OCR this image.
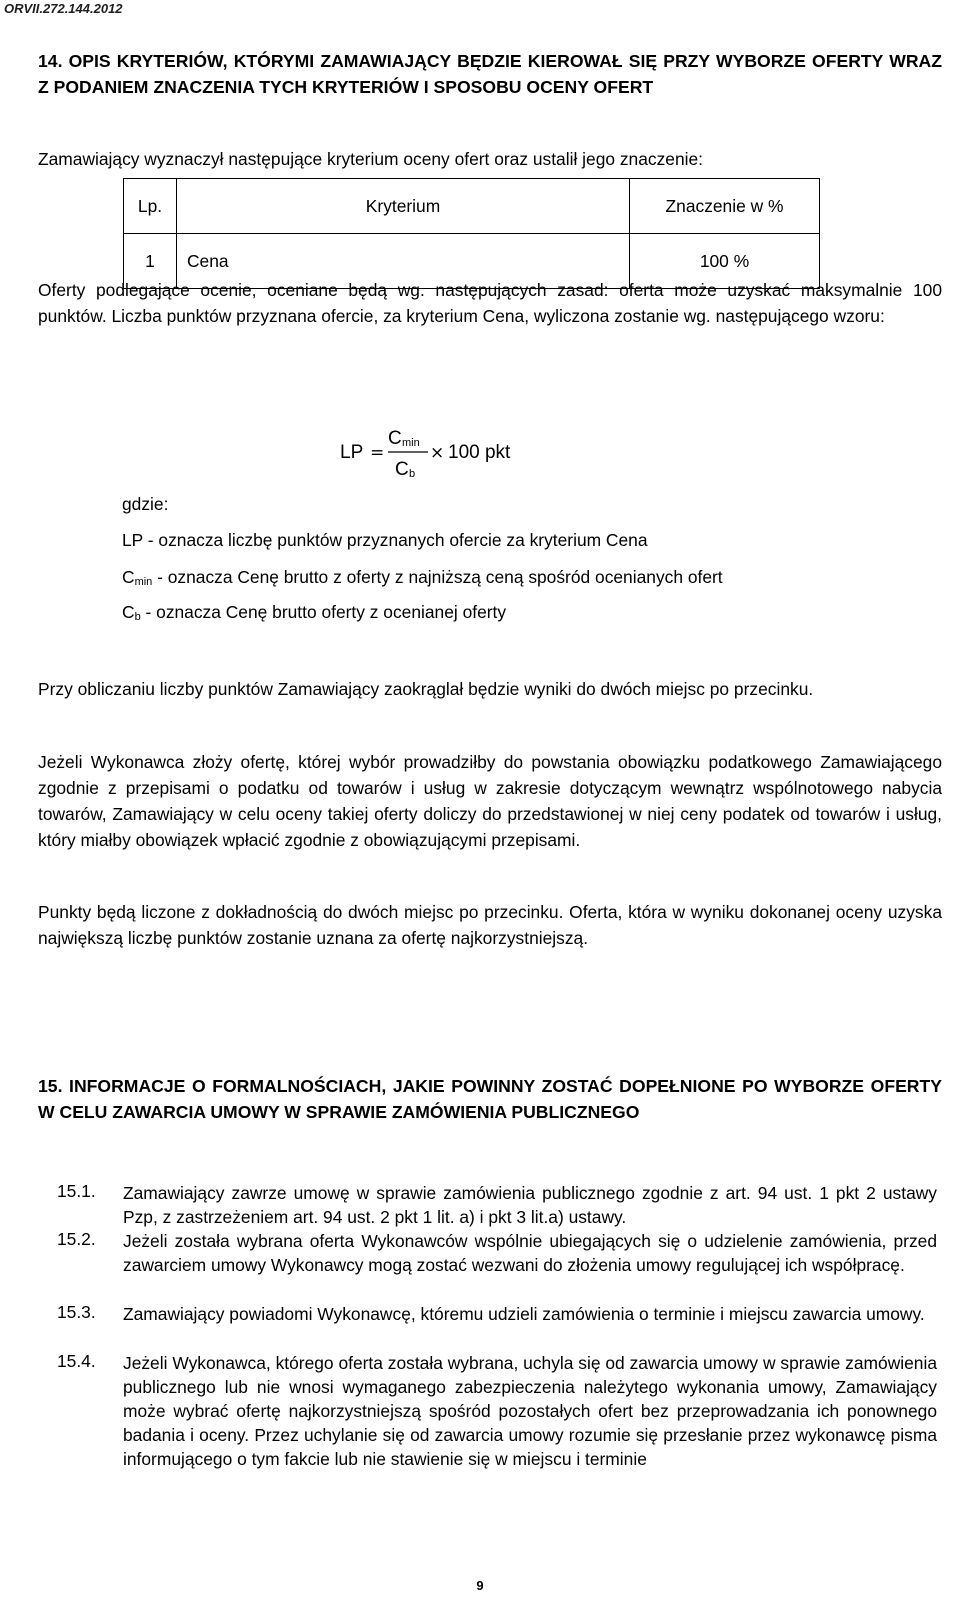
ORVII.272.144.2012
14. OPIS KRYTERIÓW, KTÓRYMI ZAMAWIAJĄCY BĘDZIE KIEROWAŁ SIĘ PRZY WYBORZE OFERTY WRAZ Z PODANIEM ZNACZENIA TYCH KRYTERIÓW I SPOSOBU OCENY OFERT
Zamawiający wyznaczył następujące kryterium oceny ofert oraz ustalił jego znaczenie:
Lp.	Kryterium	Znaczenie w %
1	Cena	100 %
Oferty podlegające ocenie, oceniane będą wg. następujących zasad: oferta może uzyskać maksymalnie 100 punktów. Liczba punktów przyznana ofercie, za kryterium Cena, wyliczona zostanie wg. następującego wzoru:
LP =
C min
C b
× 100 pkt
gdzie:
LP - oznacza liczbę punktów przyznanych ofercie za kryterium Cena
$C_{min}$ - oznacza Cenę brutto z oferty z najniższą ceną spośród ocenianych ofert
$C_b$ - oznacza Cenę brutto oferty z ocenianej oferty
Przy obliczaniu liczby punktów Zamawiający zaokrąglał będzie wyniki do dwóch miejsc po przecinku.
Jeżeli Wykonawca złoży ofertę, której wybór prowadziłby do powstania obowiązku podatkowego Zamawiającego zgodnie z przepisami o podatku od towarów i usług w zakresie dotyczącym wewnątrz wspólnotowego nabycia towarów, Zamawiający w celu oceny takiej oferty doliczy do przedstawionej w niej ceny podatek od towarów i usług, który miałby obowiązek wpłacić zgodnie z obowiązującymi przepisami.
Punkty będą liczone z dokładnością do dwóch miejsc po przecinku. Oferta, która w wyniku dokonanej oceny uzyska największą liczbę punktów zostanie uznana za ofertę najkorzystniejszą.
15. INFORMACJE O FORMALNOŚCIACH, JAKIE POWINNY ZOSTAĆ DOPEŁNIONE PO WYBORZE OFERTY W CELU ZAWARCIA UMOWY W SPRAWIE ZAMÓWIENIA PUBLICZNEGO
15.1. Zamawiający zawrze umowę w sprawie zamówienia publicznego zgodnie z art. 94 ust. 1 pkt 2 ustawy Pzp, z zastrzeżeniem art. 94 ust. 2 pkt 1 lit. a) i pkt 3 lit.a) ustawy.
15.2. Jeżeli została wybrana oferta Wykonawców wspólnie ubiegających się o udzielenie zamówienia, przed zawarciem umowy Wykonawcy mogą zostać wezwani do złożenia umowy regulującej ich współpracę.
15.3. Zamawiający powiadomi Wykonawcę, któremu udzieli zamówienia o terminie i miejscu zawarcia umowy.
15.4. Jeżeli Wykonawca, którego oferta została wybrana, uchyla się od zawarcia umowy w sprawie zamówienia publicznego lub nie wnosi wymaganego zabezpieczenia należytego wykonania umowy, Zamawiający może wybrać ofertę najkorzystniejszą spośród pozostałych ofert bez przeprowadzania ich ponownego badania i oceny. Przez uchylanie się od zawarcia umowy rozumie się przesłanie przez wykonawcę pisma informującego o tym fakcie lub nie stawienie się w miejscu i terminie
9
